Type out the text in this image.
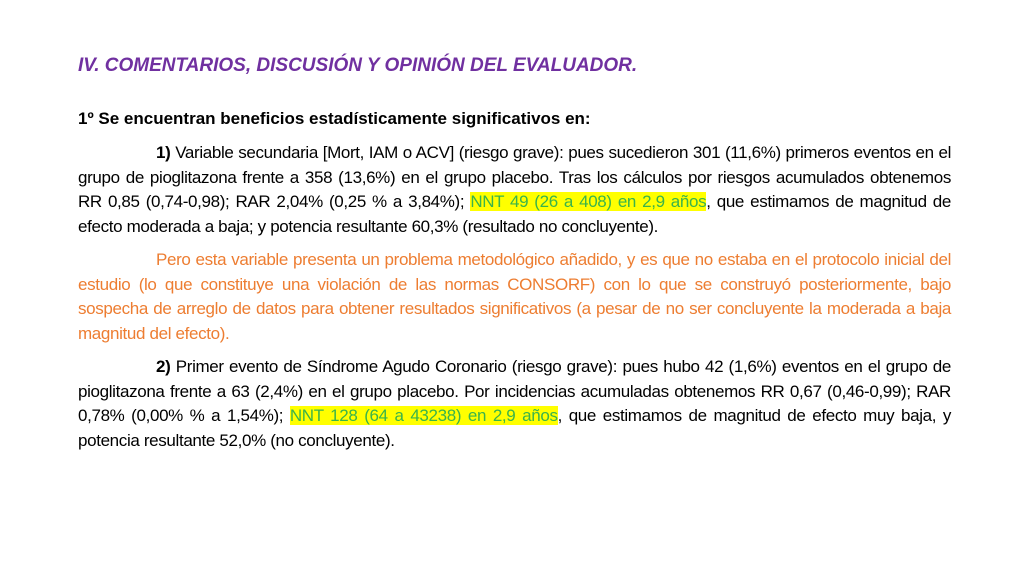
IV. COMENTARIOS, DISCUSIÓN Y OPINIÓN DEL EVALUADOR.
1º Se encuentran beneficios estadísticamente significativos en:

1) Variable secundaria [Mort, IAM o ACV] (riesgo grave): pues sucedieron 301 (11,6%) primeros eventos en el grupo de pioglitazona frente a 358 (13,6%) en el grupo placebo. Tras los cálculos por riesgos acumulados obtenemos RR 0,85 (0,74-0,98); RAR 2,04% (0,25 % a 3,84%); NNT 49 (26 a 408) en 2,9 años, que estimamos de magnitud de efecto moderada a baja; y potencia resultante 60,3% (resultado no concluyente).

Pero esta variable presenta un problema metodológico añadido, y es que no estaba en el protocolo inicial del estudio (lo que constituye una violación de las normas CONSORF) con lo que se construyó posteriormente, bajo sospecha de arreglo de datos para obtener resultados significativos (a pesar de no ser concluyente la moderada a baja magnitud del efecto).

2) Primer evento de Síndrome Agudo Coronario (riesgo grave): pues hubo 42 (1,6%) eventos en el grupo de pioglitazona frente a 63 (2,4%) en el grupo placebo. Por incidencias acumuladas obtenemos RR 0,67 (0,46-0,99); RAR 0,78% (0,00% % a 1,54%); NNT 128 (64 a 43238) en 2,9 años, que estimamos de magnitud de efecto muy baja, y potencia resultante 52,0% (no concluyente).
